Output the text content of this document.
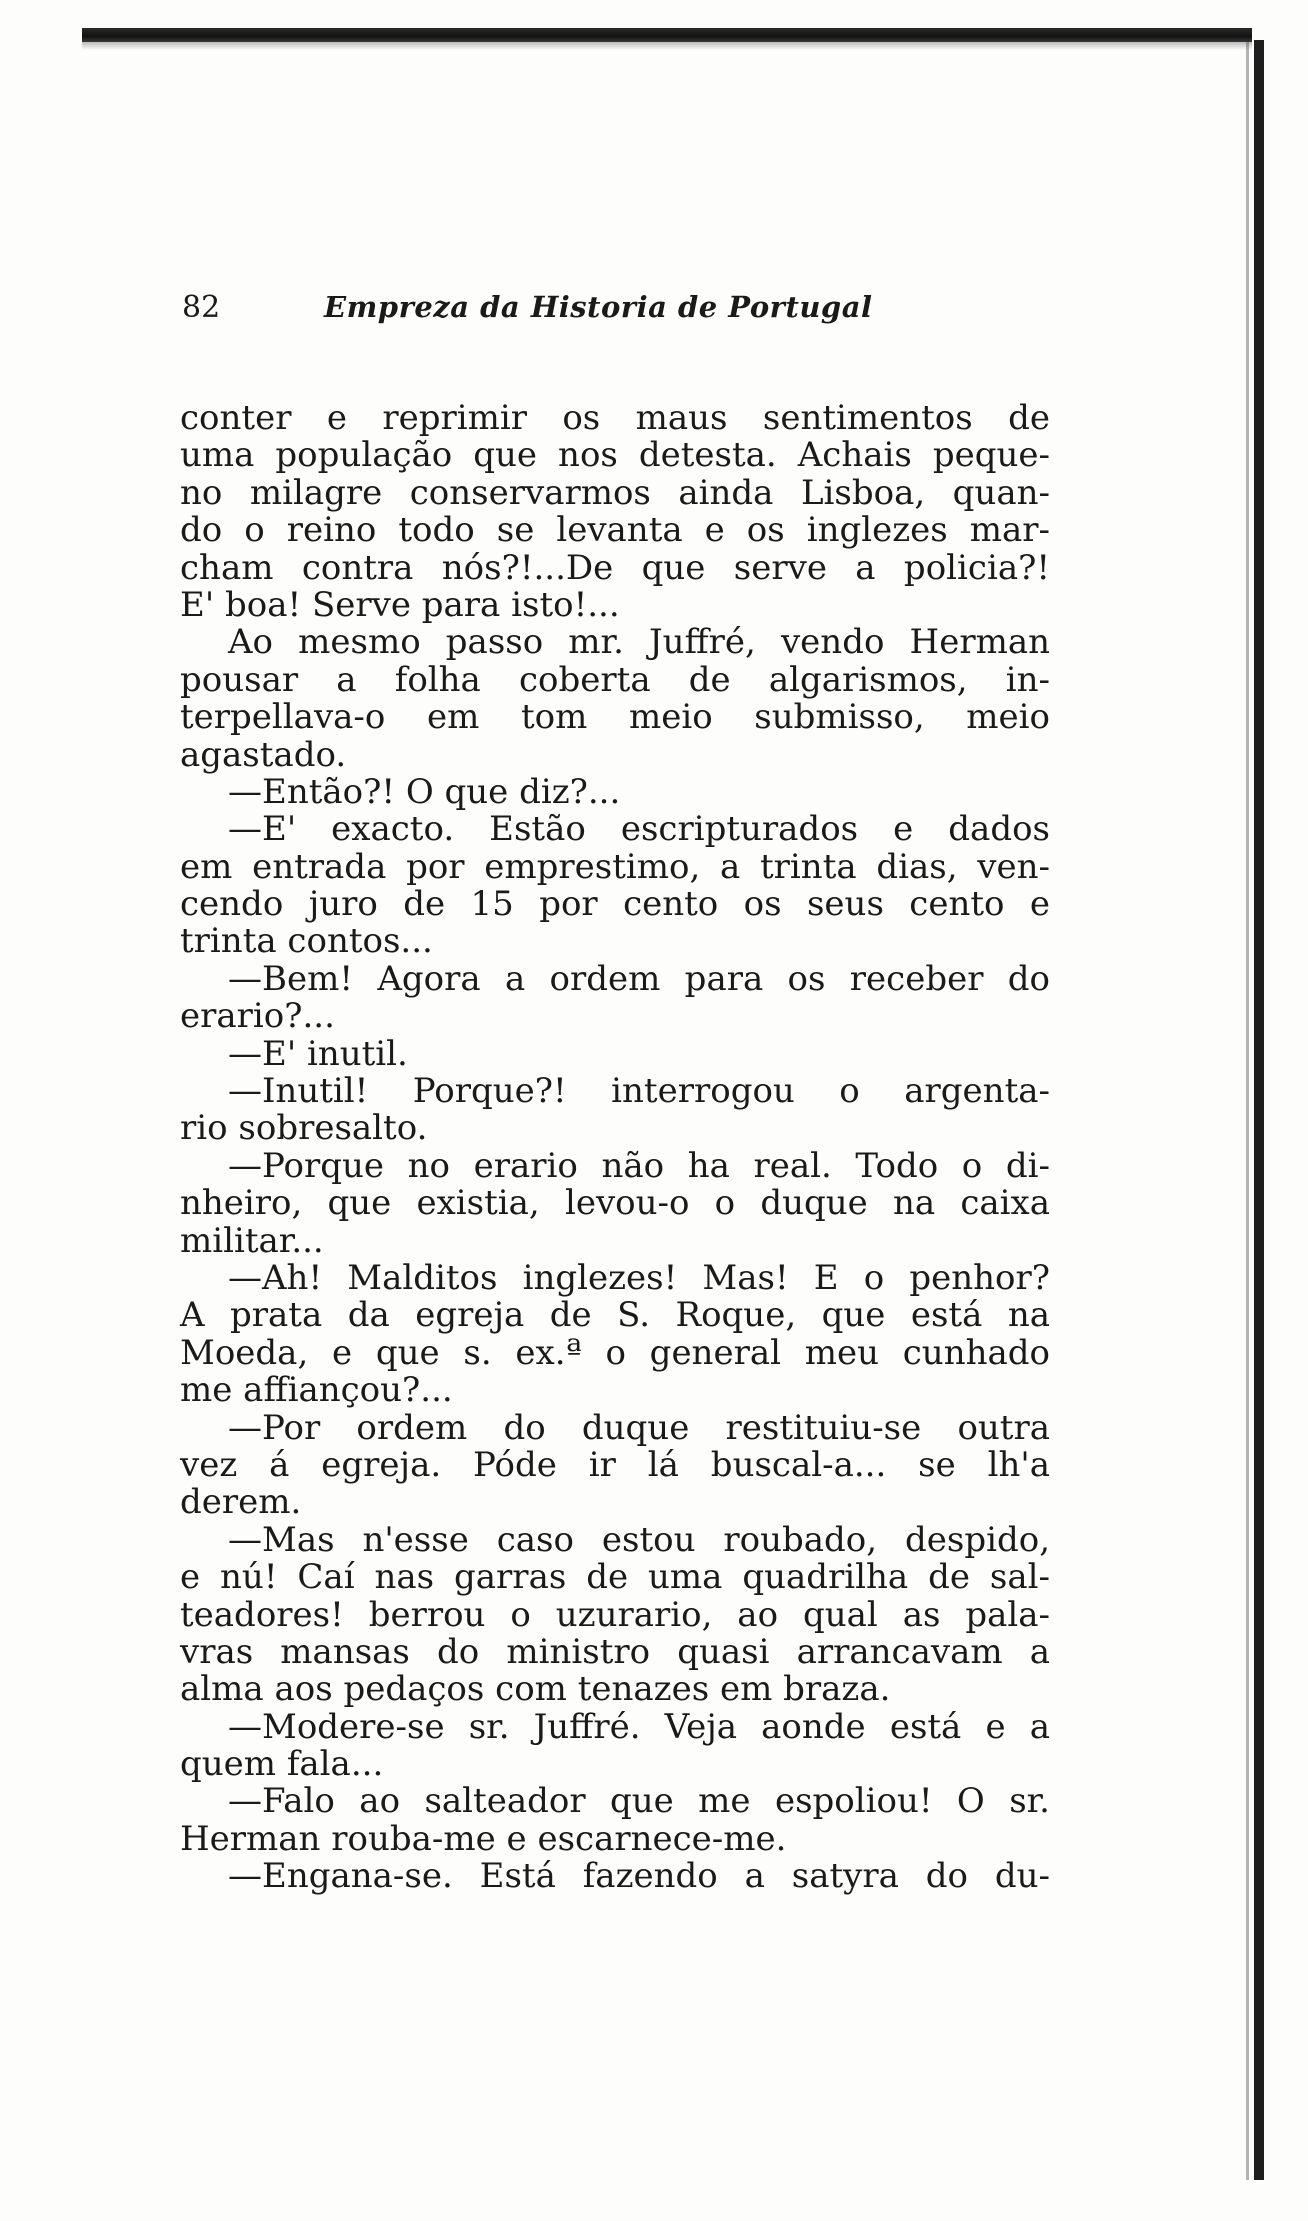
82	Empreza da Historia de Portugal
conter e reprimir os maus sentimentos de
uma população que nos detesta. Achais peque-
no milagre conservarmos ainda Lisboa, quan-
do o reino todo se levanta e os inglezes mar-
cham contra nós?!...De que serve a policia?!
E' boa! Serve para isto!...
Ao mesmo passo mr. Juffré, vendo Herman
pousar a folha coberta de algarismos, in-
terpellava-o em tom meio submisso, meio
agastado.
—Então?! O que diz?...
—E' exacto. Estão escripturados e dados
em entrada por emprestimo, a trinta dias, ven-
cendo juro de 15 por cento os seus cento e
trinta contos...
—Bem! Agora a ordem para os receber do
erario?...
—E' inutil.
—Inutil! Porque?! interrogou o argenta-
rio sobresalto.
—Porque no erario não ha real. Todo o di-
nheiro, que existia, levou-o o duque na caixa
militar...
—Ah! Malditos inglezes! Mas! E o penhor?
A prata da egreja de S. Roque, que está na
Moeda, e que s. ex.ª o general meu cunhado
me affiançou?...
—Por ordem do duque restituiu-se outra
vez á egreja. Póde ir lá buscal-a... se lh'a
derem.
—Mas n'esse caso estou roubado, despido,
e nú! Caí nas garras de uma quadrilha de sal-
teadores! berrou o uzurario, ao qual as pala-
vras mansas do ministro quasi arrancavam a
alma aos pedaços com tenazes em braza.
—Modere-se sr. Juffré. Veja aonde está e a
quem fala...
—Falo ao salteador que me espoliou! O sr.
Herman rouba-me e escarnece-me.
—Engana-se. Está fazendo a satyra do du-
